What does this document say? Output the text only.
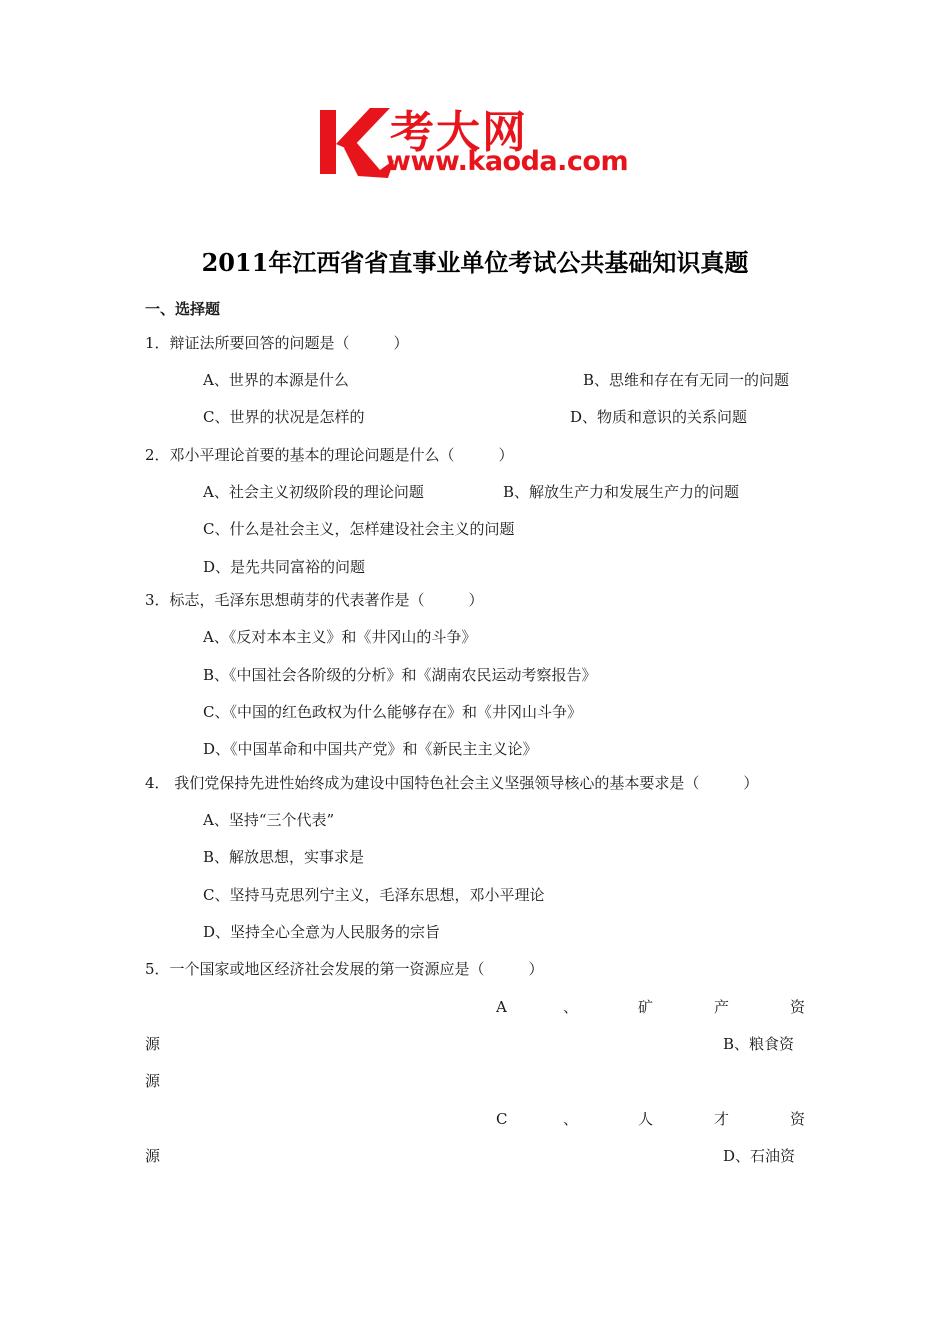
考大网
www.kaoda.com
2011年江西省省直事业单位考试公共基础知识真题
一、选择题
1．辩证法所要回答的问题是（	）
A、世界的本源是什么	B、思维和存在有无同一的问题
C、世界的状况是怎样的	D、物质和意识的关系问题
2．邓小平理论首要的基本的理论问题是什么（	）
A、社会主义初级阶段的理论问题	B、解放生产力和发展生产力的问题
C、什么是社会主义，怎样建设社会主义的问题
D、是先共同富裕的问题
3．标志，毛泽东思想萌芽的代表著作是（	）
A、《反对本本主义》和《井冈山的斗争》
B、《中国社会各阶级的分析》和《湖南农民运动考察报告》
C、《中国的红色政权为什么能够存在》和《井冈山斗争》
D、《中国革命和中国共产党》和《新民主主义论》
4． 我们党保持先进性始终成为建设中国特色社会主义坚强领导核心的基本要求是（	）
A、坚持“三个代表”
B、解放思想，实事求是
C、坚持马克思列宁主义，毛泽东思想，邓小平理论
D、坚持全心全意为人民服务的宗旨
5．一个国家或地区经济社会发展的第一资源应是（	）
A	、	矿	产	资
源	B、粮食资
源
C	、	人	才	资
源	D、石油资
